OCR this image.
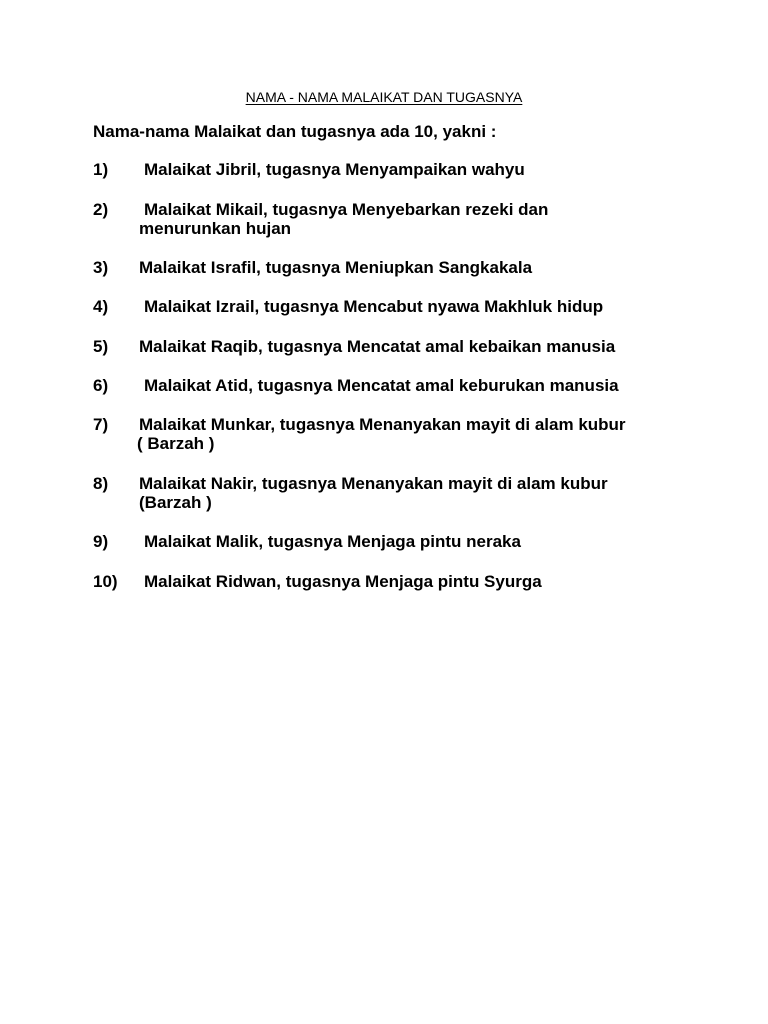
NAMA - NAMA MALAIKAT DAN TUGASNYA
Nama-nama Malaikat dan tugasnya ada 10, yakni :
1) Malaikat Jibril, tugasnya Menyampaikan wahyu
2) Malaikat Mikail, tugasnya Menyebarkan rezeki dan
menurunkan hujan
3) Malaikat Israfil, tugasnya Meniupkan Sangkakala
4) Malaikat Izrail, tugasnya Mencabut nyawa Makhluk hidup
5) Malaikat Raqib, tugasnya Mencatat amal kebaikan manusia
6) Malaikat Atid, tugasnya Mencatat amal keburukan manusia
7) Malaikat Munkar, tugasnya Menanyakan mayit di alam kubur
( Barzah )
8) Malaikat Nakir, tugasnya Menanyakan mayit di alam kubur
(Barzah )
9) Malaikat Malik, tugasnya Menjaga pintu neraka
10) Malaikat Ridwan, tugasnya Menjaga pintu Syurga
